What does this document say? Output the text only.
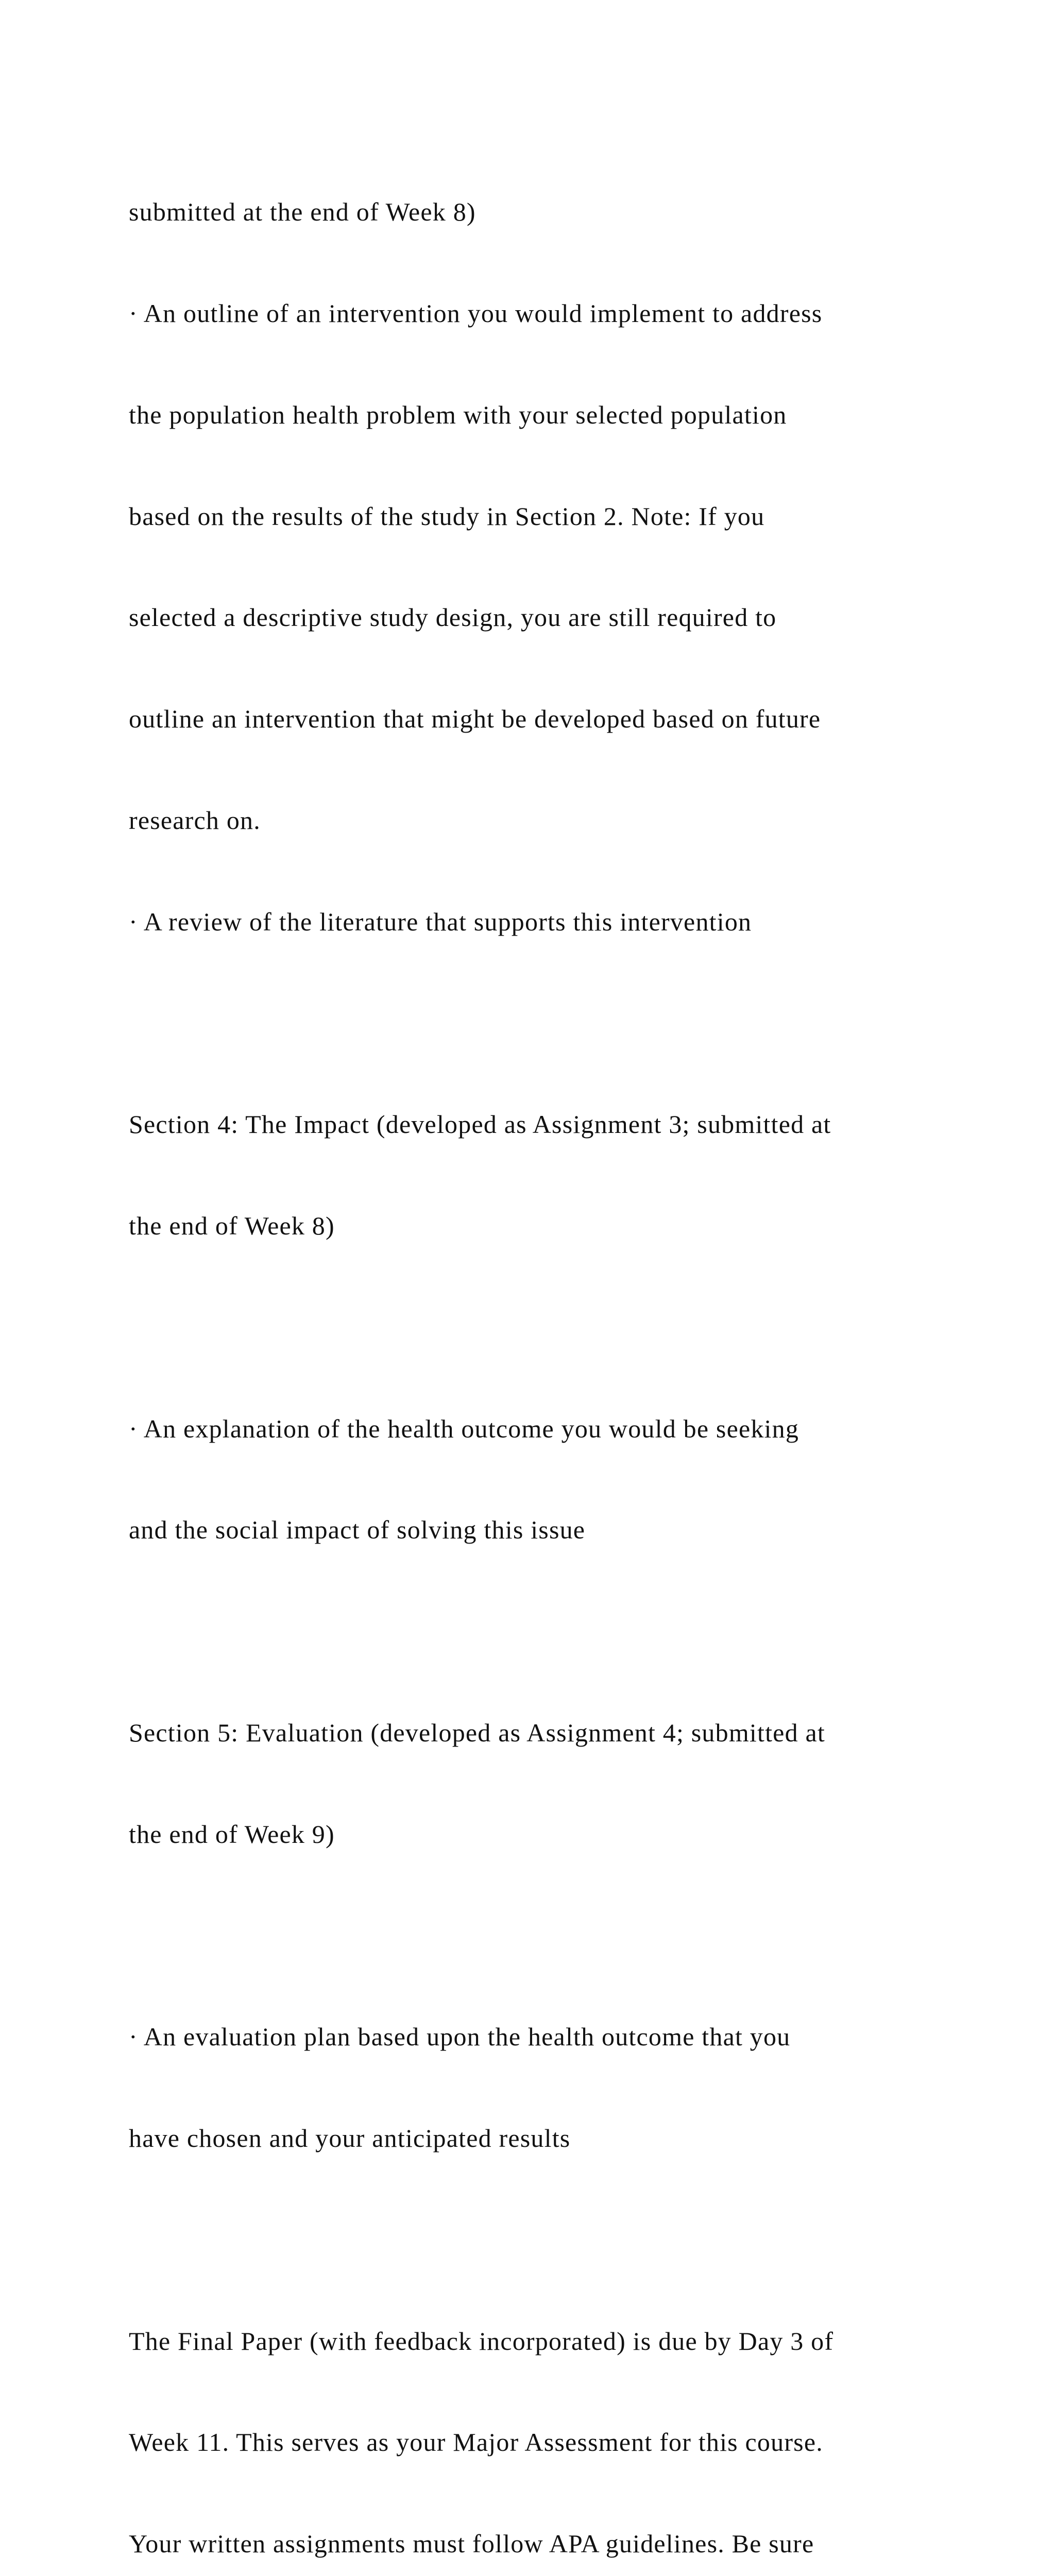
submitted at the end of Week 8)

· An outline of an intervention you would implement to address

the population health problem with your selected population

based on the results of the study in Section 2. Note: If you

selected a descriptive study design, you are still required to

outline an intervention that might be developed based on future

research on.

· A review of the literature that supports this intervention

Section 4: The Impact (developed as Assignment 3; submitted at

the end of Week 8)

· An explanation of the health outcome you would be seeking

and the social impact of solving this issue

Section 5: Evaluation (developed as Assignment 4; submitted at

the end of Week 9)

· An evaluation plan based upon the health outcome that you

have chosen and your anticipated results

The Final Paper (with feedback incorporated) is due by Day 3 of

Week 11. This serves as your Major Assessment for this course.

Your written assignments must follow APA guidelines. Be sure
